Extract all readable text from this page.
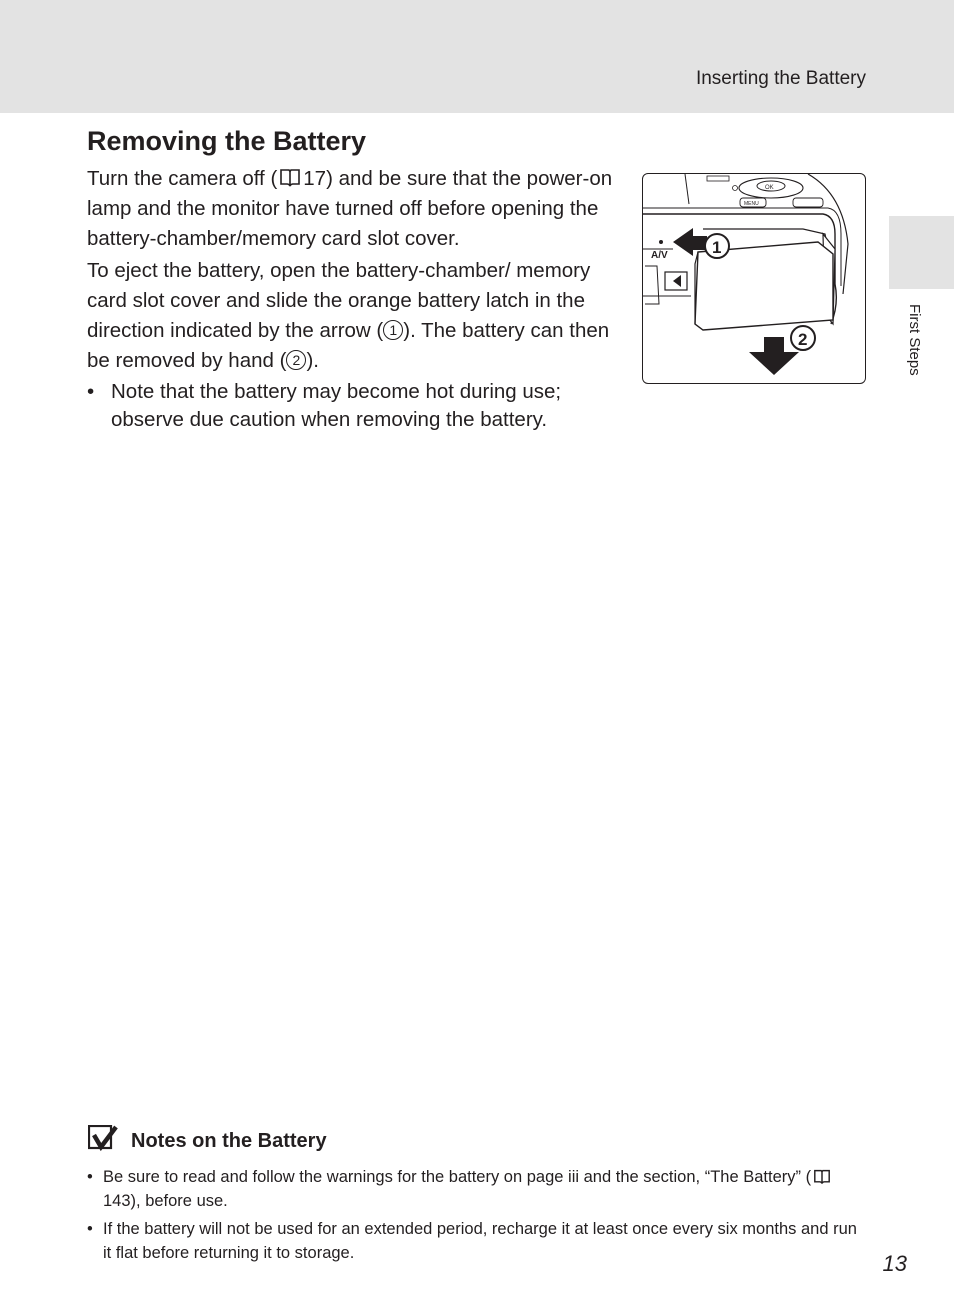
Inserting the Battery
First Steps
Removing the Battery

Turn the camera off ( 17) and be sure that the power-on lamp and the monitor have turned off before opening the battery-chamber/memory card slot cover.

To eject the battery, open the battery-chamber/ memory card slot cover and slide the orange battery latch in the direction indicated by the arrow ( 1 ). The battery can then be removed by hand ( 2 ).

• Note that the battery may become hot during use; observe due caution when removing the battery.
OK
MENU
A/V	1
2
Notes on the Battery
• Be sure to read and follow the warnings for the battery on page iii and the section, “The Battery” (143), before use.
• If the battery will not be used for an extended period, recharge it at least once every six months and run it flat before returning it to storage.	13
